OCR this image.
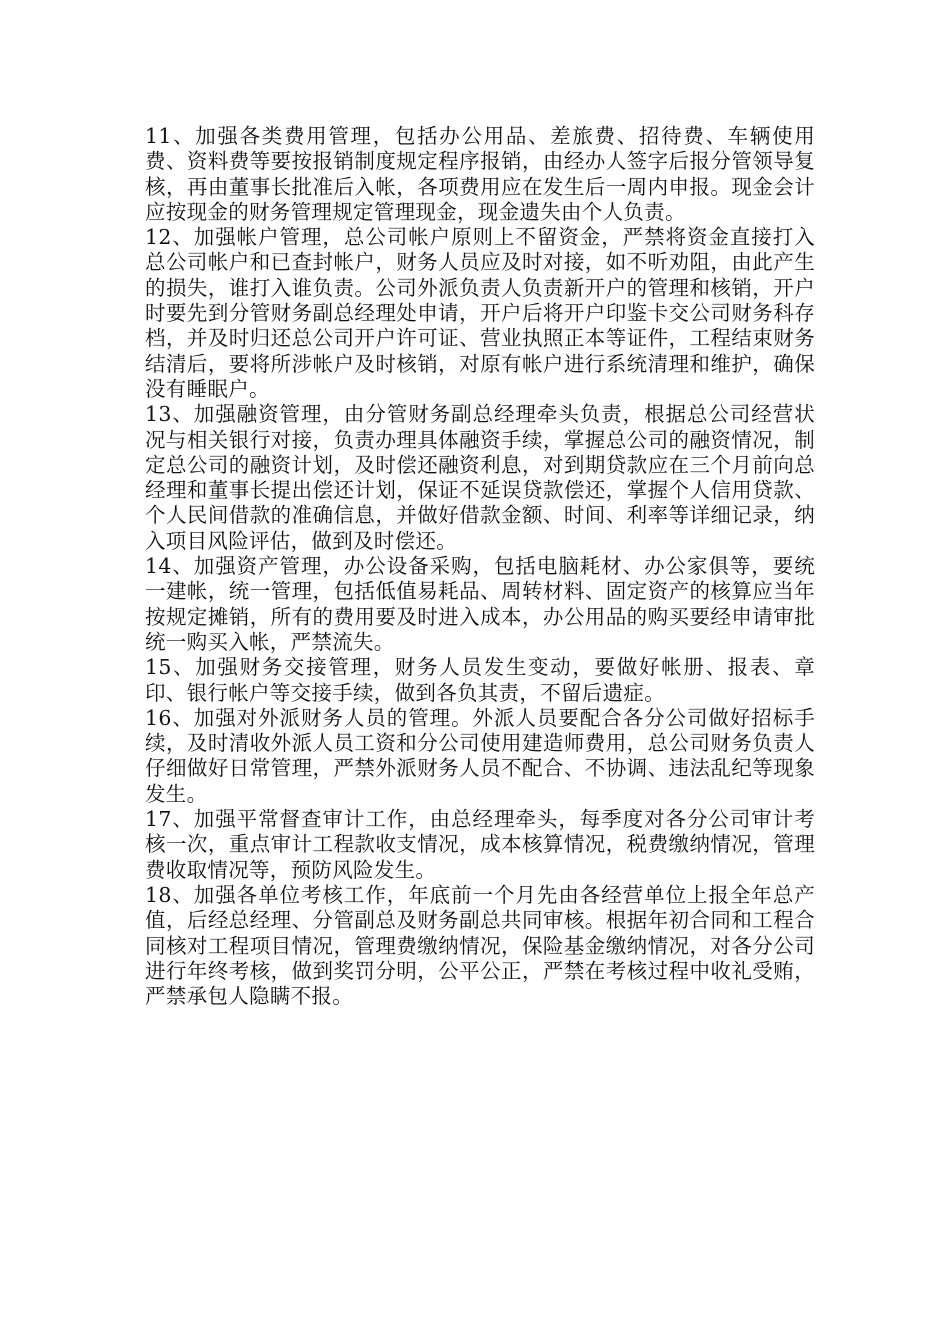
11、加强各类费用管理，包括办公用品、差旅费、招待费、车辆使用费、资料费等要按报销制度规定程序报销，由经办人签字后报分管领导复核，再由董事长批准后入帐，各项费用应在发生后一周内申报。现金会计应按现金的财务管理规定管理现金，现金遗失由个人负责。

12、加强帐户管理，总公司帐户原则上不留资金，严禁将资金直接打入总公司帐户和已查封帐户，财务人员应及时对接，如不听劝阻，由此产生的损失，谁打入谁负责。公司外派负责人负责新开户的管理和核销，开户时要先到分管财务副总经理处申请，开户后将开户印鉴卡交公司财务科存档，并及时归还总公司开户许可证、营业执照正本等证件，工程结束财务结清后，要将所涉帐户及时核销，对原有帐户进行系统清理和维护，确保没有睡眠户。

13、加强融资管理，由分管财务副总经理牵头负责，根据总公司经营状况与相关银行对接，负责办理具体融资手续，掌握总公司的融资情况，制定总公司的融资计划，及时偿还融资利息，对到期贷款应在三个月前向总经理和董事长提出偿还计划，保证不延误贷款偿还，掌握个人信用贷款、个人民间借款的准确信息，并做好借款金额、时间、利率等详细记录，纳入项目风险评估，做到及时偿还。

14、加强资产管理，办公设备采购，包括电脑耗材、办公家俱等，要统一建帐，统一管理，包括低值易耗品、周转材料、固定资产的核算应当年按规定摊销，所有的费用要及时进入成本，办公用品的购买要经申请审批统一购买入帐，严禁流失。

15、加强财务交接管理，财务人员发生变动，要做好帐册、报表、章印、银行帐户等交接手续，做到各负其责，不留后遗症。

16、加强对外派财务人员的管理。外派人员要配合各分公司做好招标手续，及时清收外派人员工资和分公司使用建造师费用，总公司财务负责人仔细做好日常管理，严禁外派财务人员不配合、不协调、违法乱纪等现象发生。

17、加强平常督查审计工作，由总经理牵头，每季度对各分公司审计考核一次，重点审计工程款收支情况，成本核算情况，税费缴纳情况，管理费收取情况等，预防风险发生。

18、加强各单位考核工作，年底前一个月先由各经营单位上报全年总产值，后经总经理、分管副总及财务副总共同审核。根据年初合同和工程合同核对工程项目情况，管理费缴纳情况，保险基金缴纳情况，对各分公司进行年终考核，做到奖罚分明，公平公正，严禁在考核过程中收礼受贿，严禁承包人隐瞒不报。
